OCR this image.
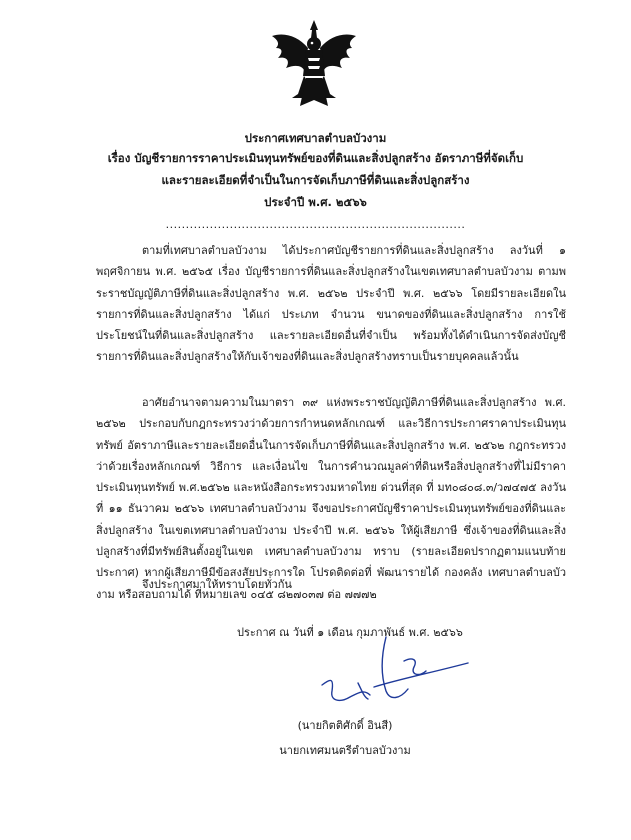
ประกาศเทศบาลตำบลบัวงาม
เรื่อง บัญชีรายการราคาประเมินทุนทรัพย์ของที่ดินและสิ่งปลูกสร้าง อัตราภาษีที่จัดเก็บ
และรายละเอียดที่จำเป็นในการจัดเก็บภาษีที่ดินและสิ่งปลูกสร้าง
ประจำปี พ.ศ. ๒๕๖๖
...........................................................................
ตามที่เทศบาลตำบลบัวงาม ได้ประกาศบัญชีรายการที่ดินและสิ่งปลูกสร้าง ลงวันที่ ๑ พฤศจิกายน พ.ศ. ๒๕๖๕ เรื่อง บัญชีรายการที่ดินและสิ่งปลูกสร้างในเขตเทศบาลตำบลบัวงาม ตามพระราชบัญญัติภาษีที่ดินและสิ่งปลูกสร้าง พ.ศ. ๒๕๖๒ ประจำปี พ.ศ. ๒๕๖๖ โดยมีรายละเอียดในรายการที่ดินและสิ่งปลูกสร้าง ได้แก่ ประเภท จำนวน ขนาดของที่ดินและสิ่งปลูกสร้าง การใช้ประโยชน์ในที่ดินและสิ่งปลูกสร้าง และรายละเอียดอื่นที่จำเป็น พร้อมทั้งได้ดำเนินการจัดส่งบัญชีรายการที่ดินและสิ่งปลูกสร้างให้กับเจ้าของที่ดินและสิ่งปลูกสร้างทราบเป็นรายบุคคลแล้วนั้น
อาศัยอำนาจตามความในมาตรา ๓๙ แห่งพระราชบัญญัติภาษีที่ดินและสิ่งปลูกสร้าง พ.ศ. ๒๕๖๒ ประกอบกับกฎกระทรวงว่าด้วยการกำหนดหลักเกณฑ์ และวิธีการประกาศราคาประเมินทุนทรัพย์ อัตราภาษีและรายละเอียดอื่นในการจัดเก็บภาษีที่ดินและสิ่งปลูกสร้าง พ.ศ. ๒๕๖๒ กฎกระทรวงว่าด้วยเรื่องหลักเกณฑ์ วิธีการ และเงื่อนไข ในการคำนวณมูลค่าที่ดินหรือสิ่งปลูกสร้างที่ไม่มีราคาประเมินทุนทรัพย์ พ.ศ.๒๕๖๒ และหนังสือกระทรวงมหาดไทย ด่วนที่สุด ที่ มท๐๘๐๘.๓/ว๗๔๗๕ ลงวันที่ ๑๑ ธันวาคม ๒๕๖๖ เทศบาลตำบลบัวงาม จึงขอประกาศบัญชีราคาประเมินทุนทรัพย์ของที่ดินและสิ่งปลูกสร้าง ในเขตเทศบาลตำบลบัวงาม ประจำปี พ.ศ. ๒๕๖๖ ให้ผู้เสียภาษี ซึ่งเจ้าของที่ดินและสิ่งปลูกสร้างที่มีทรัพย์สินตั้งอยู่ในเขต เทศบาลตำบลบัวงาม ทราบ (รายละเอียดปรากฏตามแนบท้ายประกาศ) หากผู้เสียภาษีมีข้อสงสัยประการใด โปรดติดต่อที่ พัฒนารายได้ กองคลัง เทศบาลตำบลบัวงาม หรือสอบถามได้ ที่หมายเลข ๐๔๕ ๘๒๗๐๓๗ ต่อ ๗๗๗๒
จึงประกาศมาให้ทราบโดยทั่วกัน
ประกาศ ณ วันที่ ๑ เดือน กุมภาพันธ์ พ.ศ. ๒๕๖๖
(นายกิตติศักดิ์ อินสี)
นายกเทศมนตรีตำบลบัวงาม
